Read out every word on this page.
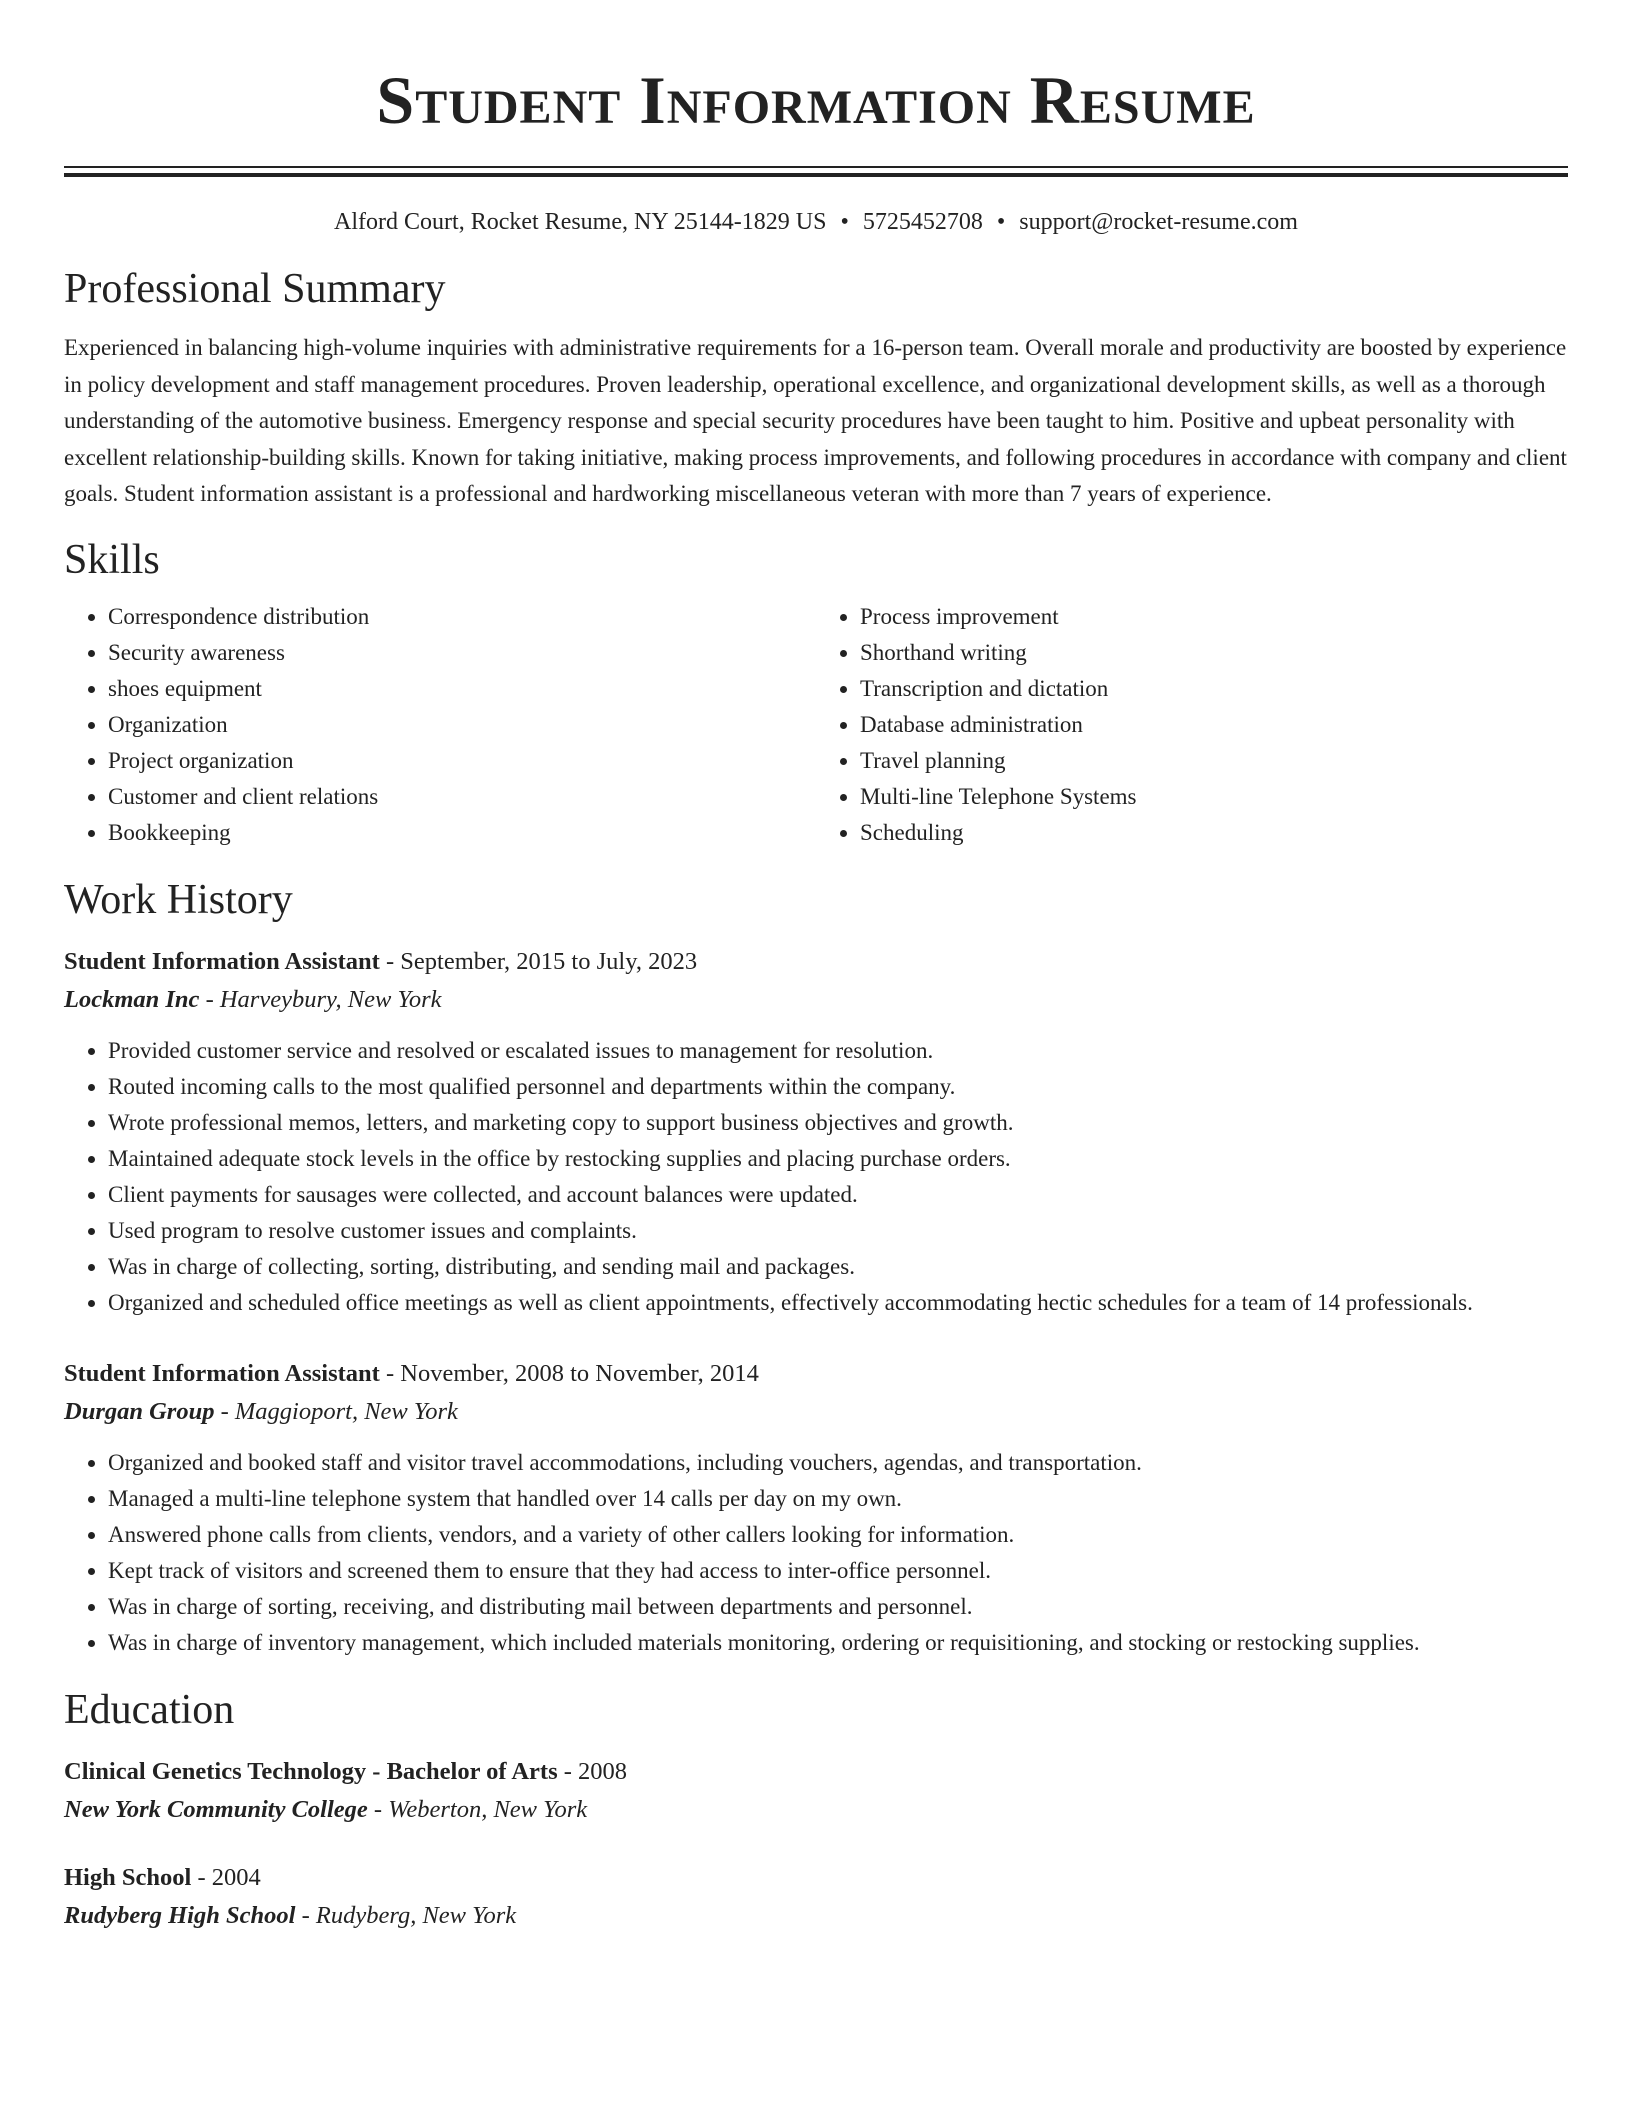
Student Information Resume
Alford Court, Rocket Resume, NY 25144-1829 US • 5725452708 • support@rocket-resume.com
Professional Summary

Experienced in balancing high-volume inquiries with administrative requirements for a 16-person team. Overall morale and productivity are boosted by experience in policy development and staff management procedures. Proven leadership, operational excellence, and organizational development skills, as well as a thorough understanding of the automotive business. Emergency response and special security procedures have been taught to him. Positive and upbeat personality with excellent relationship-building skills. Known for taking initiative, making process improvements, and following procedures in accordance with company and client goals. Student information assistant is a professional and hardworking miscellaneous veteran with more than 7 years of experience.

Skills
• Correspondence distribution
• Security awareness
• shoes equipment
• Organization
• Project organization
• Customer and client relations
• Bookkeeping
• Process improvement
• Shorthand writing
• Transcription and dictation
• Database administration
• Travel planning
• Multi-line Telephone Systems
• Scheduling
Work History
Student Information Assistant - September, 2015 to July, 2023
Lockman Inc - Harveybury, New York
• Provided customer service and resolved or escalated issues to management for resolution.
• Routed incoming calls to the most qualified personnel and departments within the company.
• Wrote professional memos, letters, and marketing copy to support business objectives and growth.
• Maintained adequate stock levels in the office by restocking supplies and placing purchase orders.
• Client payments for sausages were collected, and account balances were updated.
• Used program to resolve customer issues and complaints.
• Was in charge of collecting, sorting, distributing, and sending mail and packages.
• Organized and scheduled office meetings as well as client appointments, effectively accommodating hectic schedules for a team of 14 professionals.
Student Information Assistant - November, 2008 to November, 2014
Durgan Group - Maggioport, New York
• Organized and booked staff and visitor travel accommodations, including vouchers, agendas, and transportation.
• Managed a multi-line telephone system that handled over 14 calls per day on my own.
• Answered phone calls from clients, vendors, and a variety of other callers looking for information.
• Kept track of visitors and screened them to ensure that they had access to inter-office personnel.
• Was in charge of sorting, receiving, and distributing mail between departments and personnel.
• Was in charge of inventory management, which included materials monitoring, ordering or requisitioning, and stocking or restocking supplies.
Education
Clinical Genetics Technology - Bachelor of Arts - 2008
New York Community College - Weberton, New York
High School - 2004
Rudyberg High School - Rudyberg, New York
